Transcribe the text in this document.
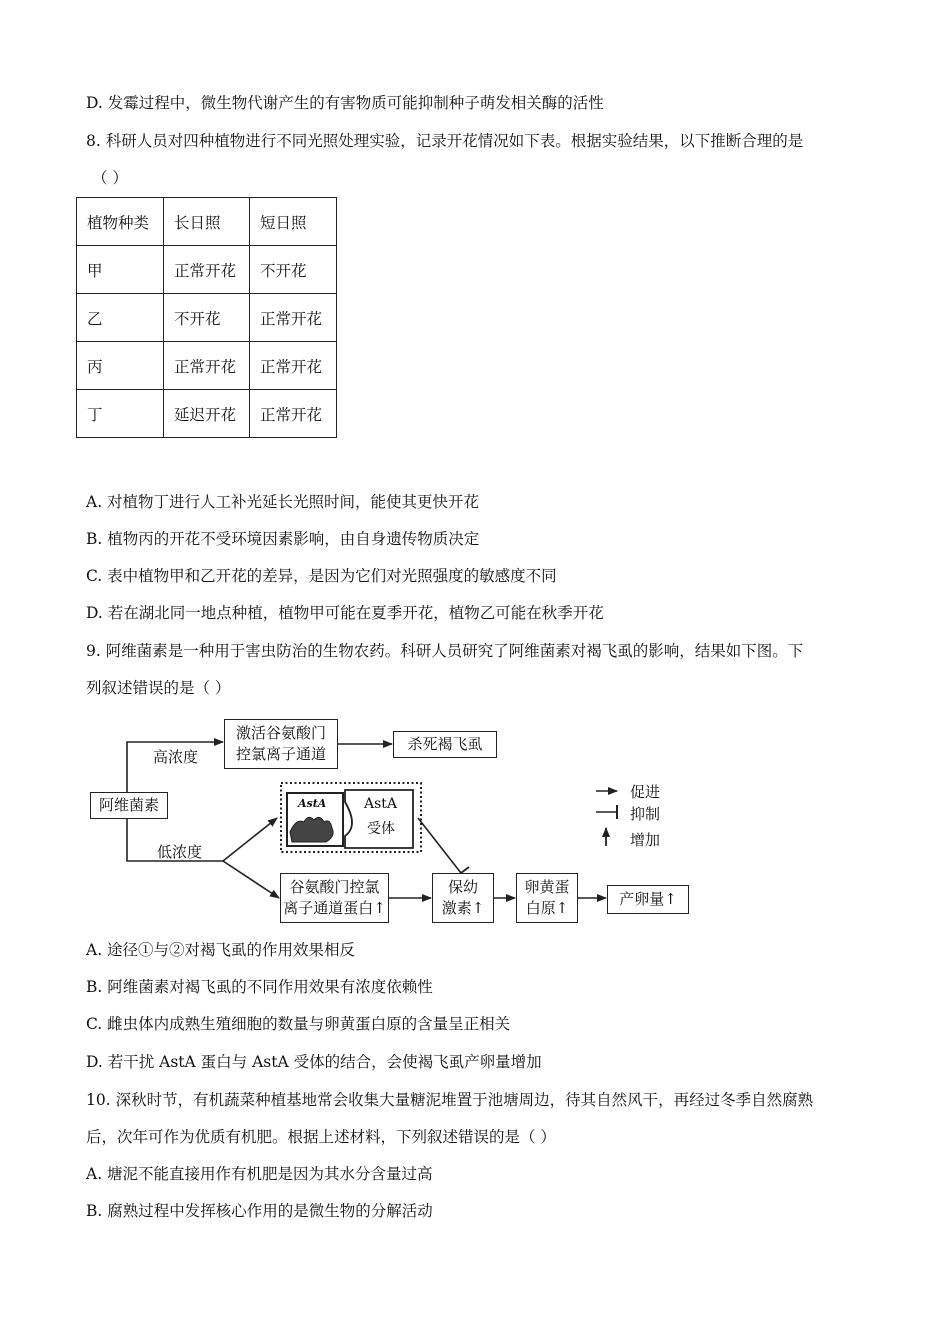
D. 发霉过程中，微生物代谢产生的有害物质可能抑制种子萌发相关酶的活性
8. 科研人员对四种植物进行不同光照处理实验，记录开花情况如下表。根据实验结果，以下推断合理的是
（ ）
植物种类	长日照	短日照
甲	正常开花	不开花
乙	不开花	正常开花
丙	正常开花	正常开花
丁	延迟开花	正常开花
A. 对植物丁进行人工补光延长光照时间，能使其更快开花
B. 植物丙的开花不受环境因素影响，由自身遗传物质决定
C. 表中植物甲和乙开花的差异，是因为它们对光照强度的敏感度不同
D. 若在湖北同一地点种植，植物甲可能在夏季开花，植物乙可能在秋季开花
9. 阿维菌素是一种用于害虫防治的生物农药。科研人员研究了阿维菌素对褐飞虱的影响，结果如下图。下
列叙述错误的是（ ）
阿维菌素
高浓度
低浓度
激活谷氨酸门
控氯离子通道
杀死褐飞虱
AstA	AstA
受体
谷氨酸门控氯
离子通道蛋白↑
保幼
激素↑
卵黄蛋
白原↑	产卵量↑
促进
抑制
增加
A. 途径①与②对褐飞虱的作用效果相反
B. 阿维菌素对褐飞虱的不同作用效果有浓度依赖性
C. 雌虫体内成熟生殖细胞的数量与卵黄蛋白原的含量呈正相关
D. 若干扰 AstA 蛋白与 AstA 受体的结合，会使褐飞虱产卵量增加
10. 深秋时节，有机蔬菜种植基地常会收集大量糖泥堆置于池塘周边，待其自然风干，再经过冬季自然腐熟
后，次年可作为优质有机肥。根据上述材料，下列叙述错误的是（ ）
A. 塘泥不能直接用作有机肥是因为其水分含量过高
B. 腐熟过程中发挥核心作用的是微生物的分解活动
